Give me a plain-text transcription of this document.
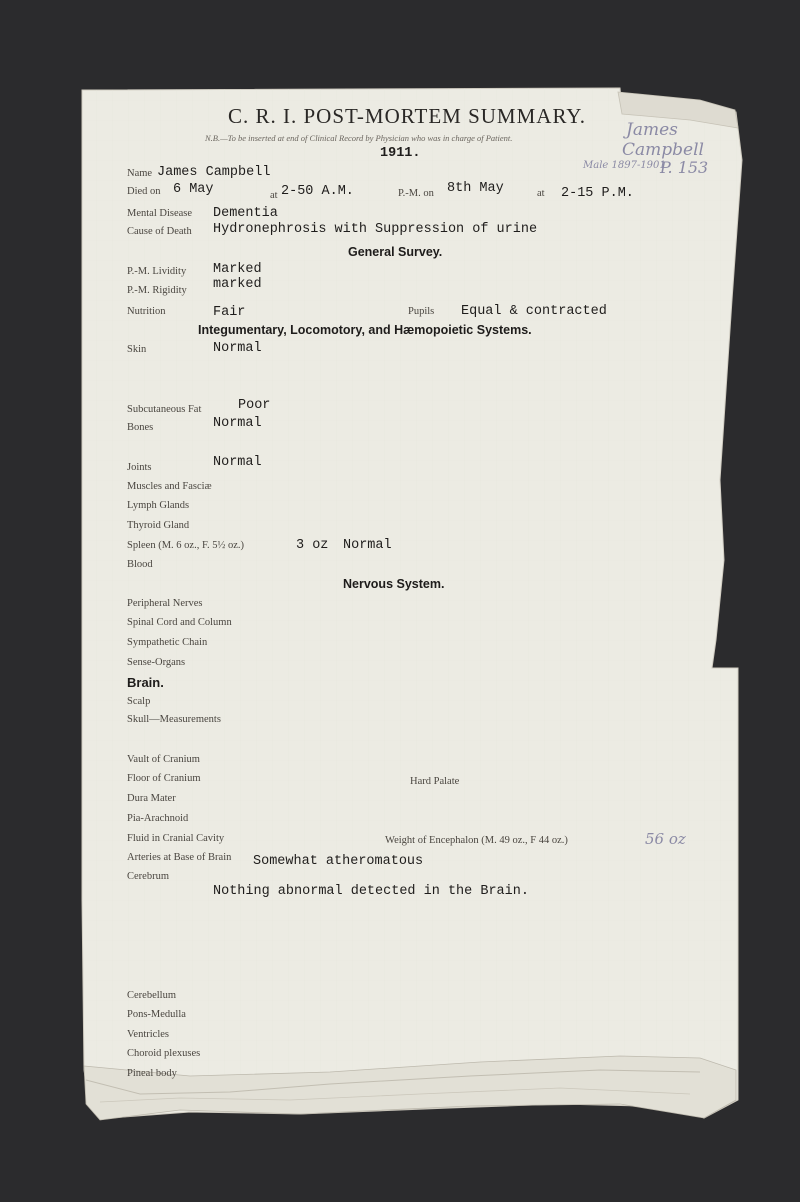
C. R. I. POST-MORTEM SUMMARY.
N.B.—To be inserted at end of Clinical Record by Physician who was in charge of Patient.
1911.
James
Campbell
Male 1897-1901
P. 153
56 oz
Name James Campbell
Died on 6 May	at 2-50 A.M.	P.-M. on 8th May	at 2-15 P.M.
Mental Disease Dementia
Cause of Death Hydronephrosis with Suppression of urine
General Survey.
P.-M. Lividity Marked
P.-M. Rigidity marked
Nutrition	Fair	Pupils Equal & contracted
Integumentary, Locomotory, and Hæmopoietic Systems.
Skin	Normal
Subcutaneous Fat	Poor
Bones	Normal
Joints	Normal
Muscles and Fasciæ
Lymph Glands
Thyroid Gland
Spleen (M. 6 oz., F. 5½ oz.)	3 oz Normal
Blood
Nervous System.
Peripheral Nerves
Spinal Cord and Column
Sympathetic Chain
Sense-Organs
Brain.
Scalp
Skull—Measurements
Vault of Cranium
Floor of Cranium	Hard Palate
Dura Mater
Pia-Arachnoid
Fluid in Cranial Cavity	Weight of Encephalon (M. 49 oz., F 44 oz.)
Arteries at Base of Brain Somewhat atheromatous
Cerebrum
Nothing abnormal detected in the Brain.
Cerebellum
Pons-Medulla
Ventricles
Choroid plexuses
Pineal body
